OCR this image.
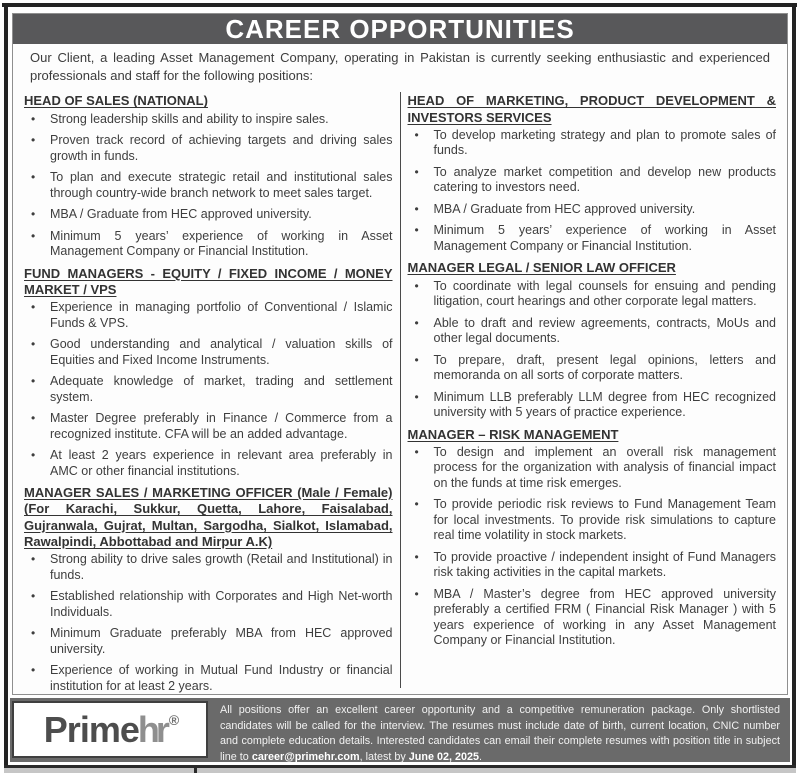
CAREER OPPORTUNITIES
Our Client, a leading Asset Management Company, operating in Pakistan is currently seeking enthusiastic and experienced professionals and staff for the following positions:
HEAD OF SALES (NATIONAL)
•	Strong leadership skills and ability to inspire sales.
•	Proven track record of achieving targets and driving sales growth in funds.
•	To plan and execute strategic retail and institutional sales through country-wide branch network to meet sales target.
•	MBA / Graduate from HEC approved university.
•	Minimum 5 years’ experience of working in Asset Management Company or Financial Institution.
FUND MANAGERS - EQUITY / FIXED INCOME / MONEY MARKET / VPS
•	Experience in managing portfolio of Conventional / Islamic Funds & VPS.
•	Good understanding and analytical / valuation skills of Equities and Fixed Income Instruments.
•	Adequate knowledge of market, trading and settlement system.
•	Master Degree preferably in Finance / Commerce from a recognized institute. CFA will be an added advantage.
•	At least 2 years experience in relevant area preferably in AMC or other financial institutions.
MANAGER SALES / MARKETING OFFICER (Male / Female) (For Karachi, Sukkur, Quetta, Lahore, Faisalabad, Gujranwala, Gujrat, Multan, Sargodha, Sialkot, Islamabad, Rawalpindi, Abbottabad and Mirpur A.K)
•	Strong ability to drive sales growth (Retail and Institutional) in funds.
•	Established relationship with Corporates and High Net-worth Individuals.
•	Minimum Graduate preferably MBA from HEC approved university.
•	Experience of working in Mutual Fund Industry or financial institution for at least 2 years.
HEAD OF MARKETING, PRODUCT DEVELOPMENT & INVESTORS SERVICES
•	To develop marketing strategy and plan to promote sales of funds.
•	To analyze market competition and develop new products catering to investors need.
•	MBA / Graduate from HEC approved university.
•	Minimum 5 years’ experience of working in Asset Management Company or Financial Institution.
MANAGER LEGAL / SENIOR LAW OFFICER
•	To coordinate with legal counsels for ensuing and pending litigation, court hearings and other corporate legal matters.
•	Able to draft and review agreements, contracts, MoUs and other legal documents.
•	To prepare, draft, present legal opinions, letters and memoranda on all sorts of corporate matters.
•	Minimum LLB preferably LLM degree from HEC recognized university with 5 years of practice experience.
MANAGER – RISK MANAGEMENT
•	To design and implement an overall risk management process for the organization with analysis of financial impact on the funds at time risk emerges.
•	To provide periodic risk reviews to Fund Management Team for local investments. To provide risk simulations to capture real time volatility in stock markets.
•	To provide proactive / independent insight of Fund Managers risk taking activities in the capital markets.
•	MBA / Master’s degree from HEC approved university preferably a certified FRM ( Financial Risk Manager ) with 5 years experience of working in any Asset Management Company or Financial Institution.
Prime hr ®
All positions offer an excellent career opportunity and a competitive remuneration package. Only shortlisted candidates will be called for the interview. The resumes must include date of birth, current location, CNIC number and complete education details. Interested candidates can email their complete resumes with position title in subject line to career@primehr.com, latest by June 02, 2025.
